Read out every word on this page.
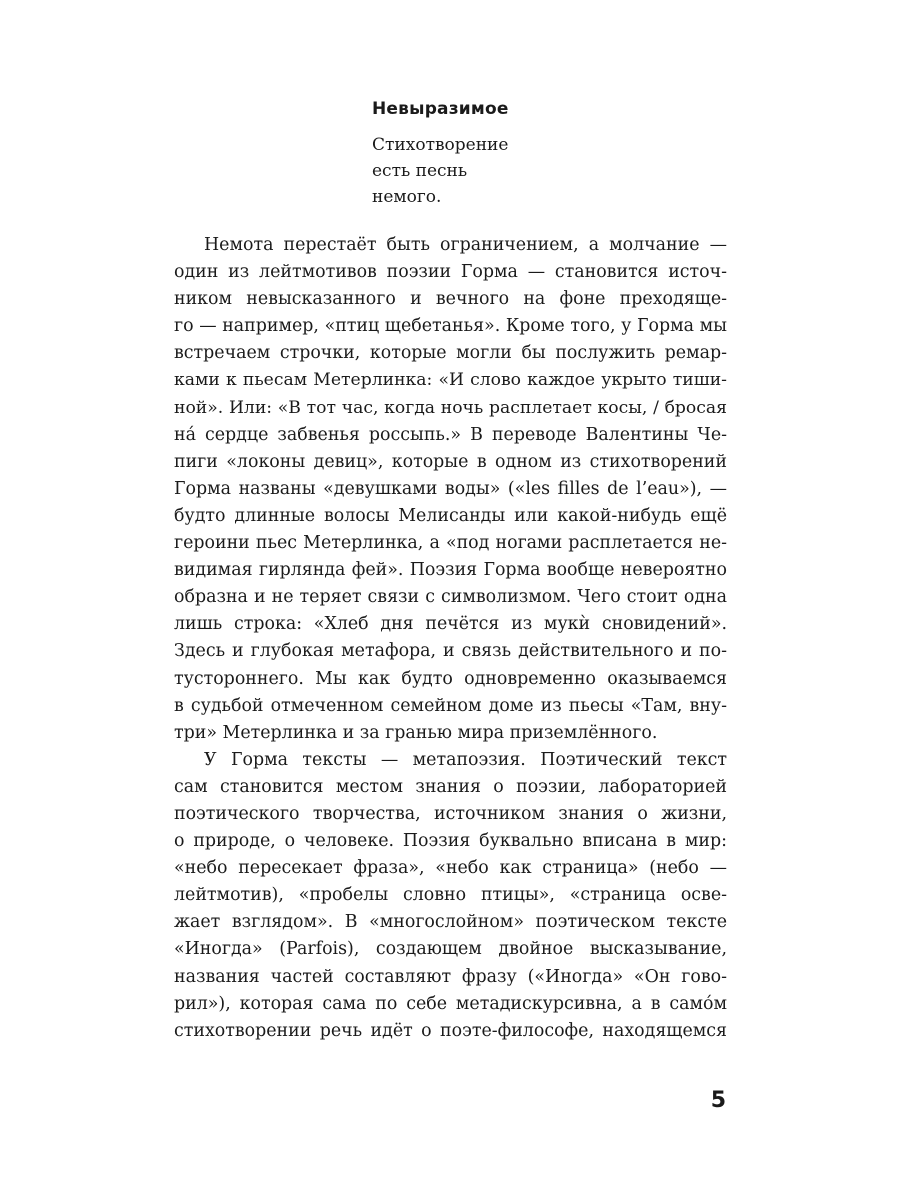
Невыразимое
Стихотворение
есть песнь
немого.
Немота перестаёт быть ограничением, а молчание —
один из лейтмотивов поэзии Горма — становится источ-
ником невысказанного и вечного на фоне преходяще-
го — например, «птиц щебетанья». Кроме того, у Горма мы
встречаем строчки, которые могли бы послужить ремар-
ками к пьесам Метерлинка: «И слово каждое укрыто тиши-
ной». Или: «В тот час, когда ночь расплетает косы, / бросая
нá сердце забвенья россыпь.» В переводе Валентины Че-
пиги «локоны девиц», которые в одном из стихотворений
Горма названы «девушками воды» («les filles de l’eau»), —
будто длинные волосы Мелисанды или какой-нибудь ещё
героини пьес Метерлинка, а «под ногами расплетается не-
видимая гирлянда фей». Поэзия Горма вообще невероятно
образна и не теряет связи с символизмом. Чего стоит одна
лишь строка: «Хлеб дня печётся из мукѝ сновидений».
Здесь и глубокая метафора, и связь действительного и по-
тустороннего. Мы как будто одновременно оказываемся
в судьбой отмеченном семейном доме из пьесы «Там, вну-
три» Метерлинка и за гранью мира приземлённого.
У Горма тексты — метапоэзия. Поэтический текст
сам становится местом знания о поэзии, лабораторией
поэтического творчества, источником знания о жизни,
о природе, о человеке. Поэзия буквально вписана в мир:
«небо пересекает фраза», «небо как страница» (небо —
лейтмотив), «пробелы словно птицы», «страница осве-
жает взглядом». В «многослойном» поэтическом тексте
«Иногда» (Parfois), создающем двойное высказывание,
названия частей составляют фразу («Иногда» «Он гово-
рил»), которая сама по себе метадискурсивна, а в самóм
стихотворении речь идёт о поэте-философе, находящемся
5
